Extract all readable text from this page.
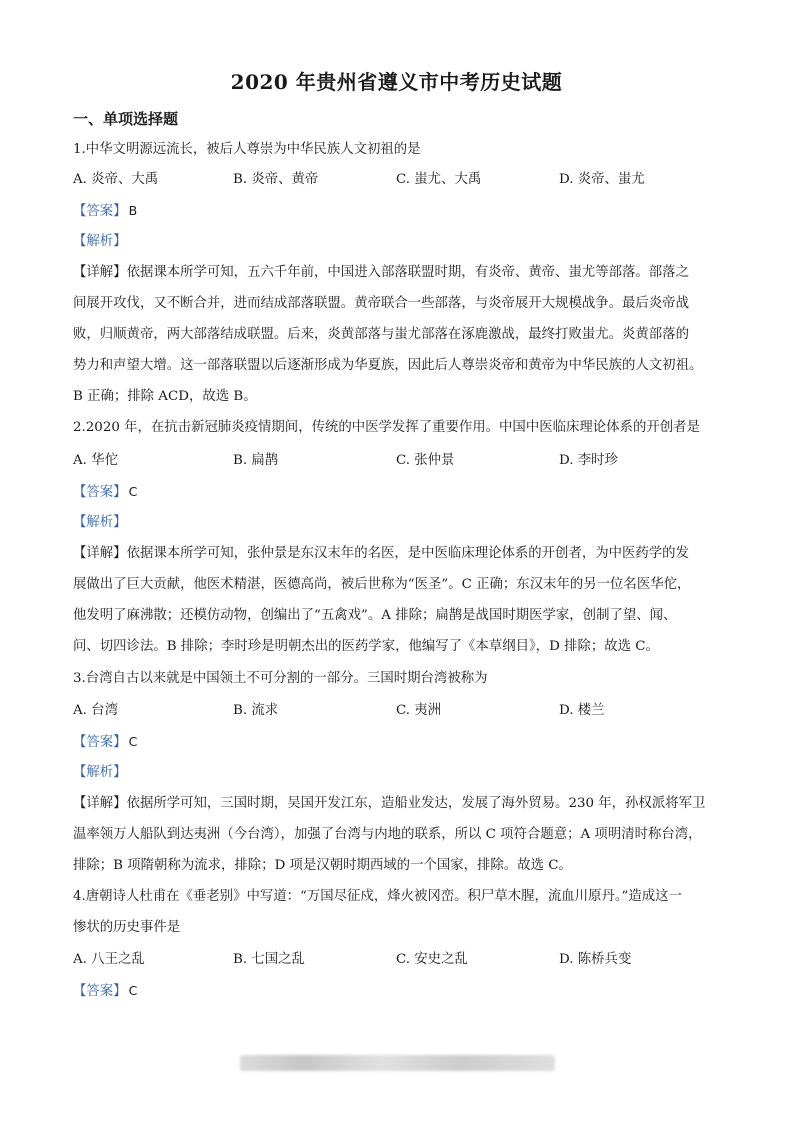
2020 年贵州省遵义市中考历史试题
一、单项选择题
1.中华文明源远流长，被后人尊崇为中华民族人文初祖的是
A. 炎帝、大禹	B. 炎帝、黄帝	C. 蚩尤、大禹	D. 炎帝、蚩尤
【答案】 B
【解析】
【详解】依据课本所学可知，五六千年前，中国进入部落联盟时期，有炎帝、黄帝、蚩尤等部落。部落之
间展开攻伐，又不断合并，进而结成部落联盟。黄帝联合一些部落，与炎帝展开大规模战争。最后炎帝战
败，归顺黄帝，两大部落结成联盟。后来，炎黄部落与蚩尤部落在涿鹿激战，最终打败蚩尤。炎黄部落的
势力和声望大增。这一部落联盟以后逐渐形成为华夏族，因此后人尊崇炎帝和黄帝为中华民族的人文初祖。
B 正确；排除 ACD，故选 B。
2.2020 年，在抗击新冠肺炎疫情期间，传统的中医学发挥了重要作用。中国中医临床理论体系的开创者是
A. 华佗	B. 扁鹊	C. 张仲景	D. 李时珍
【答案】 C
【解析】
【详解】依据课本所学可知，张仲景是东汉末年的名医，是中医临床理论体系的开创者，为中医药学的发
展做出了巨大贡献，他医术精湛，医德高尚，被后世称为“医圣”。C 正确；东汉末年的另一位名医华佗，
他发明了麻沸散；还模仿动物，创编出了“五禽戏”。A 排除；扁鹊是战国时期医学家，创制了望、闻、
问、切四诊法。B 排除；李时珍是明朝杰出的医药学家，他编写了《本草纲目》，D 排除；故选 C。
3.台湾自古以来就是中国领土不可分割的一部分。三国时期台湾被称为
A. 台湾	B. 流求	C. 夷洲	D. 楼兰
【答案】 C
【解析】
【详解】依据所学可知，三国时期，吴国开发江东，造船业发达，发展了海外贸易。230 年，孙权派将军卫
温率领万人船队到达夷洲（今台湾），加强了台湾与内地的联系，所以 C 项符合题意；A 项明清时称台湾，
排除；B 项隋朝称为流求，排除；D 项是汉朝时期西域的一个国家，排除。故选 C。
4.唐朝诗人杜甫在《垂老别》中写道：“万国尽征戍，烽火被冈峦。积尸草木腥，流血川原丹。”造成这一
惨状的历史事件是
A. 八王之乱	B. 七国之乱	C. 安史之乱	D. 陈桥兵变
【答案】 C
